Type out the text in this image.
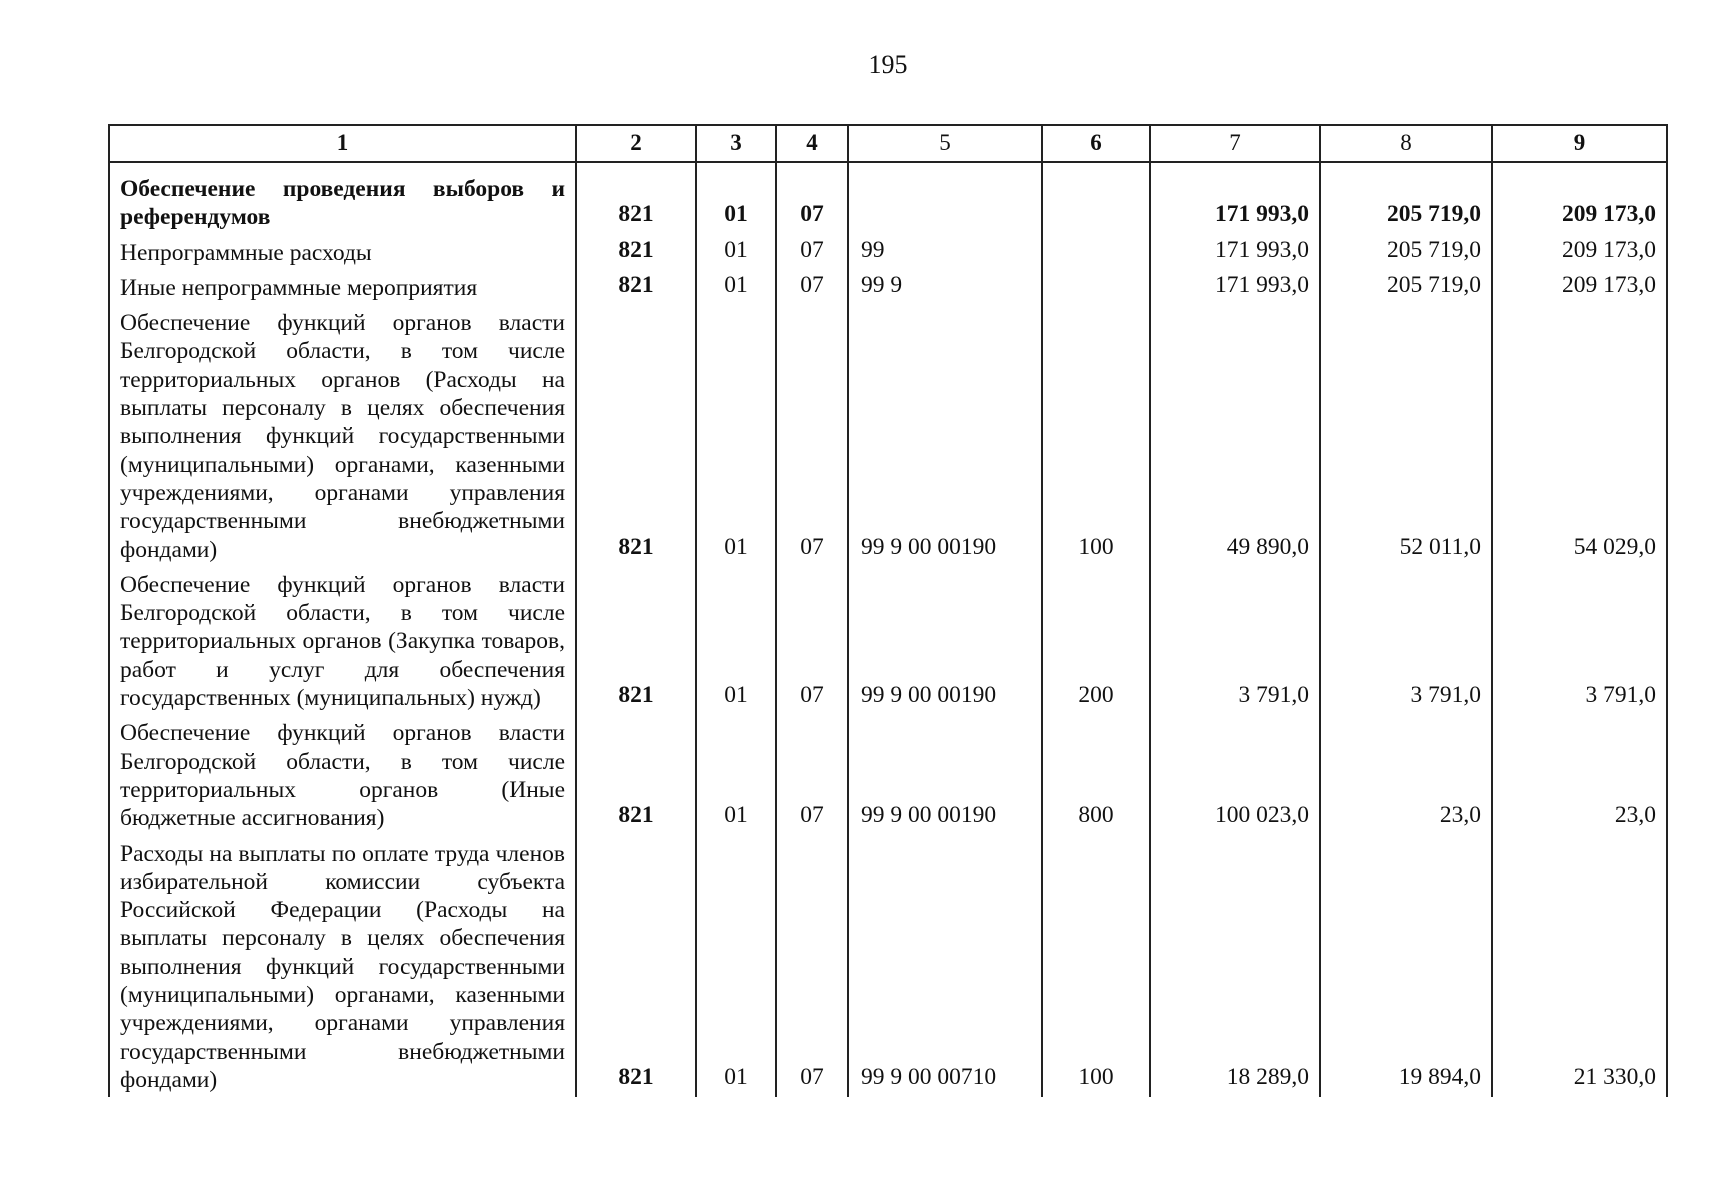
195
1	2	3	4	5	6	7	8	9
Обеспечение проведения выборов и референдумов	821	01	07			171 993,0	205 719,0	209 173,0
Непрограммные расходы	821	01	07	99		171 993,0	205 719,0	209 173,0
Иные непрограммные мероприятия	821	01	07	99 9		171 993,0	205 719,0	209 173,0
Обеспечение функций органов власти Белгородской области, в том числе территориальных органов (Расходы на выплаты персоналу в целях обеспечения выполнения функций государственными (муниципальными) органами, казенными учреждениями, органами управления государственными внебюджетными фондами)	821	01	07	99 9 00 00190	100	49 890,0	52 011,0	54 029,0
Обеспечение функций органов власти Белгородской области, в том числе территориальных органов (Закупка товаров, работ и услуг для обеспечения государственных (муниципальных) нужд)	821	01	07	99 9 00 00190	200	3 791,0	3 791,0	3 791,0
Обеспечение функций органов власти Белгородской области, в том числе территориальных органов (Иные бюджетные ассигнования)	821	01	07	99 9 00 00190	800	100 023,0	23,0	23,0
Расходы на выплаты по оплате труда членов избирательной комиссии субъекта Российской Федерации (Расходы на выплаты персоналу в целях обеспечения выполнения функций государственными (муниципальными) органами, казенными учреждениями, органами управления государственными внебюджетными фондами)	821	01	07	99 9 00 00710	100	18 289,0	19 894,0	21 330,0
